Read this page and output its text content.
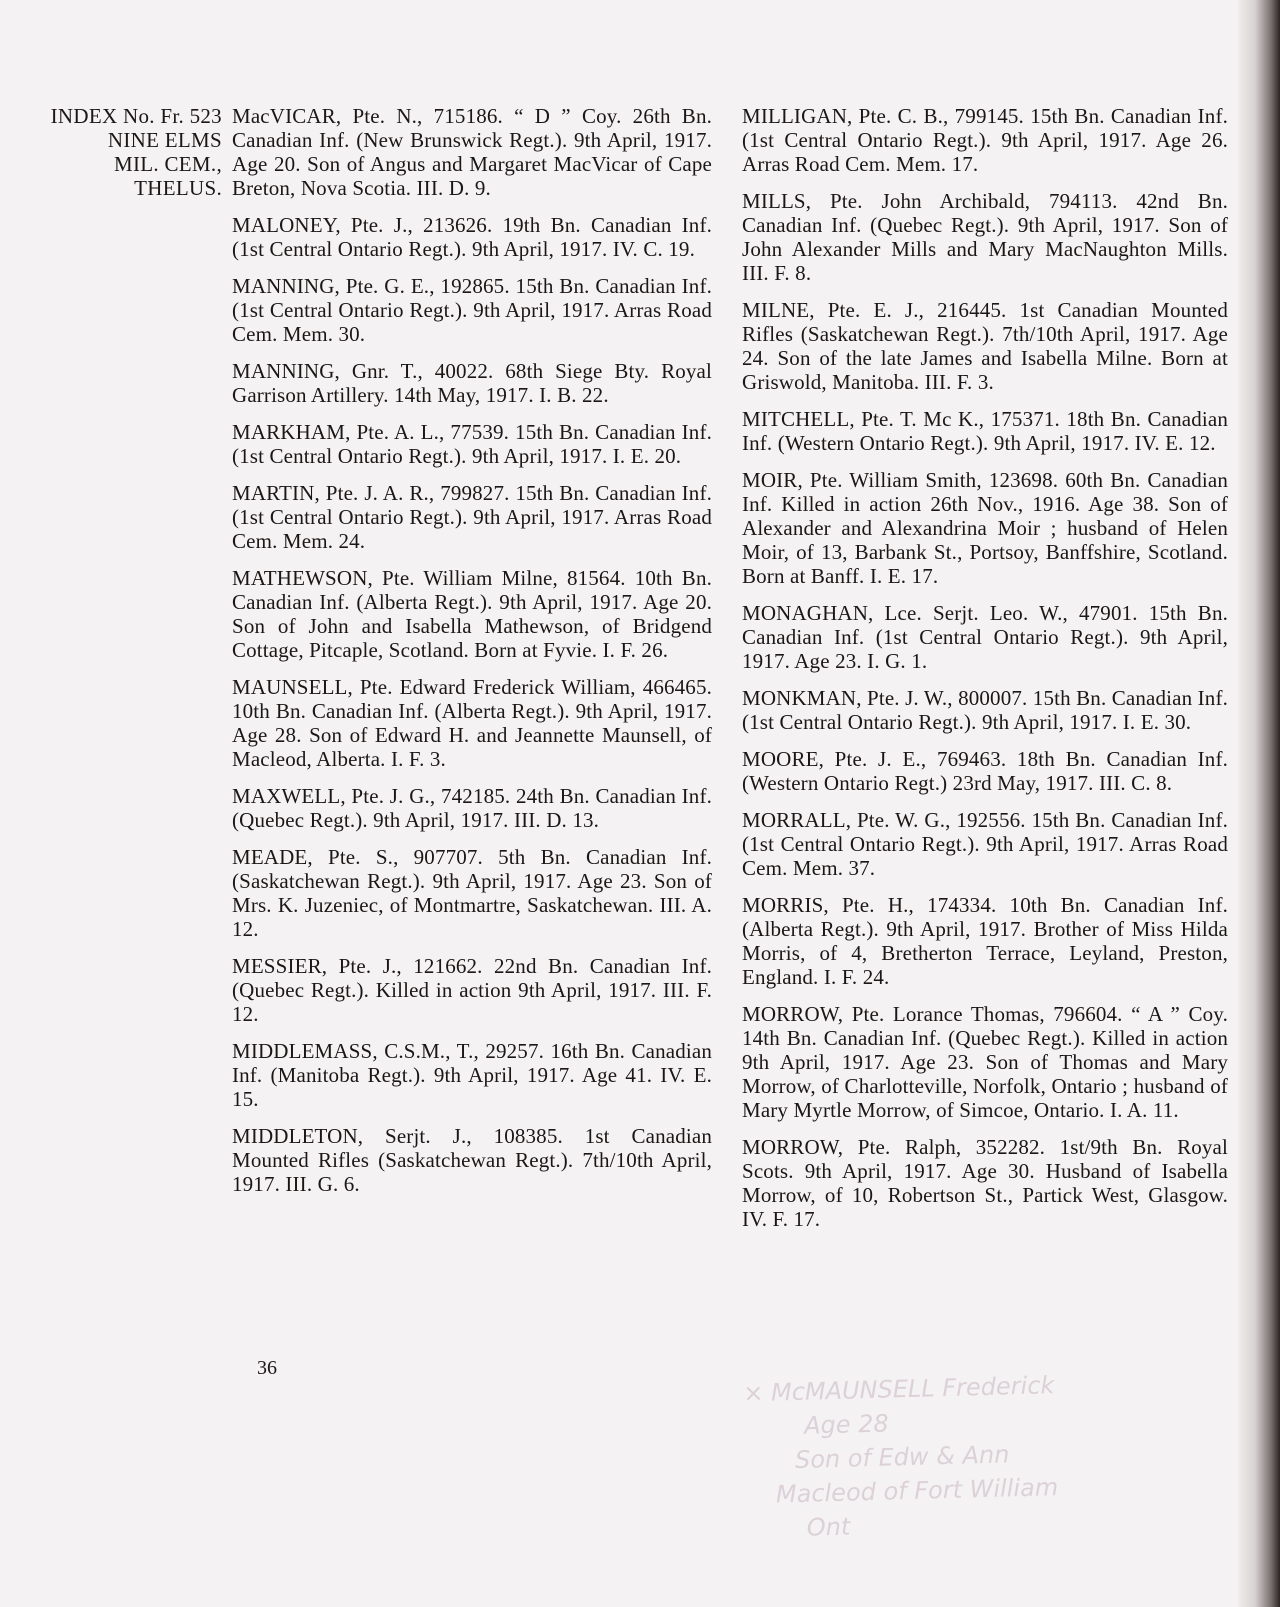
INDEX No. Fr. 523
NINE ELMS
MIL. CEM.,
THELUS.

MacVICAR, Pte. N., 715186. “ D ” Coy. 26th Bn. Canadian Inf. (New Brunswick Regt.). 9th April, 1917. Age 20. Son of Angus and Margaret MacVicar of Cape Breton, Nova Scotia. III. D. 9.

MALONEY, Pte. J., 213626. 19th Bn. Canadian Inf. (1st Central Ontario Regt.). 9th April, 1917. IV. C. 19.

MANNING, Pte. G. E., 192865. 15th Bn. Canadian Inf. (1st Central Ontario Regt.). 9th April, 1917. Arras Road Cem. Mem. 30.

MANNING, Gnr. T., 40022. 68th Siege Bty. Royal Garrison Artillery. 14th May, 1917. I. B. 22.

MARKHAM, Pte. A. L., 77539. 15th Bn. Canadian Inf. (1st Central Ontario Regt.). 9th April, 1917. I. E. 20.

MARTIN, Pte. J. A. R., 799827. 15th Bn. Canadian Inf. (1st Central Ontario Regt.). 9th April, 1917. Arras Road Cem. Mem. 24.

MATHEWSON, Pte. William Milne, 81564. 10th Bn. Canadian Inf. (Alberta Regt.). 9th April, 1917. Age 20. Son of John and Isabella Mathewson, of Bridgend Cottage, Pitcaple, Scotland. Born at Fyvie. I. F. 26.

MAUNSELL, Pte. Edward Frederick William, 466465. 10th Bn. Canadian Inf. (Alberta Regt.). 9th April, 1917. Age 28. Son of Edward H. and Jeannette Maunsell, of Macleod, Alberta. I. F. 3.

MAXWELL, Pte. J. G., 742185. 24th Bn. Canadian Inf. (Quebec Regt.). 9th April, 1917. III. D. 13.

MEADE, Pte. S., 907707. 5th Bn. Canadian Inf. (Saskatchewan Regt.). 9th April, 1917. Age 23. Son of Mrs. K. Juzeniec, of Montmartre, Saskatchewan. III. A. 12.

MESSIER, Pte. J., 121662. 22nd Bn. Canadian Inf. (Quebec Regt.). Killed in action 9th April, 1917. III. F. 12.

MIDDLEMASS, C.S.M., T., 29257. 16th Bn. Canadian Inf. (Manitoba Regt.). 9th April, 1917. Age 41. IV. E. 15.

MIDDLETON, Serjt. J., 108385. 1st Canadian Mounted Rifles (Saskatchewan Regt.). 7th/10th April, 1917. III. G. 6.

MILLIGAN, Pte. C. B., 799145. 15th Bn. Canadian Inf. (1st Central Ontario Regt.). 9th April, 1917. Age 26. Arras Road Cem. Mem. 17.

MILLS, Pte. John Archibald, 794113. 42nd Bn. Canadian Inf. (Quebec Regt.). 9th April, 1917. Son of John Alexander Mills and Mary MacNaughton Mills. III. F. 8.

MILNE, Pte. E. J., 216445. 1st Canadian Mounted Rifles (Saskatchewan Regt.). 7th/10th April, 1917. Age 24. Son of the late James and Isabella Milne. Born at Griswold, Manitoba. III. F. 3.

MITCHELL, Pte. T. Mc K., 175371. 18th Bn. Canadian Inf. (Western Ontario Regt.). 9th April, 1917. IV. E. 12.

MOIR, Pte. William Smith, 123698. 60th Bn. Canadian Inf. Killed in action 26th Nov., 1916. Age 38. Son of Alexander and Alexandrina Moir ; husband of Helen Moir, of 13, Barbank St., Portsoy, Banffshire, Scotland. Born at Banff. I. E. 17.

MONAGHAN, Lce. Serjt. Leo. W., 47901. 15th Bn. Canadian Inf. (1st Central Ontario Regt.). 9th April, 1917. Age 23. I. G. 1.

MONKMAN, Pte. J. W., 800007. 15th Bn. Canadian Inf. (1st Central Ontario Regt.). 9th April, 1917. I. E. 30.

MOORE, Pte. J. E., 769463. 18th Bn. Canadian Inf. (Western Ontario Regt.) 23rd May, 1917. III. C. 8.

MORRALL, Pte. W. G., 192556. 15th Bn. Canadian Inf. (1st Central Ontario Regt.). 9th April, 1917. Arras Road Cem. Mem. 37.

MORRIS, Pte. H., 174334. 10th Bn. Canadian Inf. (Alberta Regt.). 9th April, 1917. Brother of Miss Hilda Morris, of 4, Bretherton Terrace, Leyland, Preston, England. I. F. 24.

MORROW, Pte. Lorance Thomas, 796604. “ A ” Coy. 14th Bn. Canadian Inf. (Quebec Regt.). Killed in action 9th April, 1917. Age 23. Son of Thomas and Mary Morrow, of Charlotteville, Norfolk, Ontario ; husband of Mary Myrtle Morrow, of Simcoe, Ontario. I. A. 11.

MORROW, Pte. Ralph, 352282. 1st/9th Bn. Royal Scots. 9th April, 1917. Age 30. Husband of Isabella Morrow, of 10, Robertson St., Partick West, Glasgow. IV. F. 17.

36
× McMAUNSELL Frederick
Age 28
Son of Edw & Ann
Macleod of Fort William
Ont
